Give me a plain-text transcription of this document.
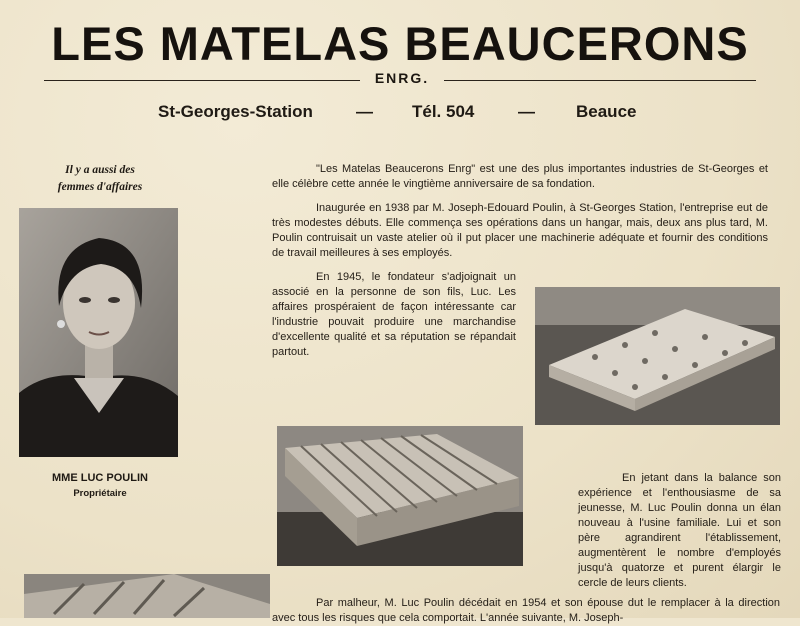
LES MATELAS BEAUCERONS
ENRG.
St-Georges-Station	— Tél. 504	— Beauce
Il y a aussi des
femmes d'affaires
MME LUC POULIN
Propriétaire

"Les Matelas Beaucerons Enrg" est une des plus importantes industries de St-Georges et elle célèbre cette année le vingtième anniversaire de sa fondation.

Inaugurée en 1938 par M. Joseph-Edouard Poulin, à St-Georges Station, l'entreprise eut de très modestes débuts. Elle commença ses opérations dans un hangar, mais, deux ans plus tard, M. Poulin contruisait un vaste atelier où il put placer une machinerie adéquate et fournir des conditions de travail meilleures à ses employés.

En 1945, le fondateur s'adjoignait un associé en la personne de son fils, Luc. Les affaires prospéraient de façon intéressante car l'industrie pouvait produire une marchandise d'excellente qualité et sa réputation se répandait partout.

En jetant dans la balance son expérience et l'enthousiasme de sa jeunesse, M. Luc Poulin donna un élan nouveau à l'usine familiale. Lui et son père agrandirent l'établissement, augmentèrent le nombre d'employés jusqu'à quatorze et purent élargir le cercle de leurs clients.

Par malheur, M. Luc Poulin décédait en 1954 et son épouse dut le remplacer à la direction avec tous les risques que cela comportait. L'année suivante, M. Joseph-
